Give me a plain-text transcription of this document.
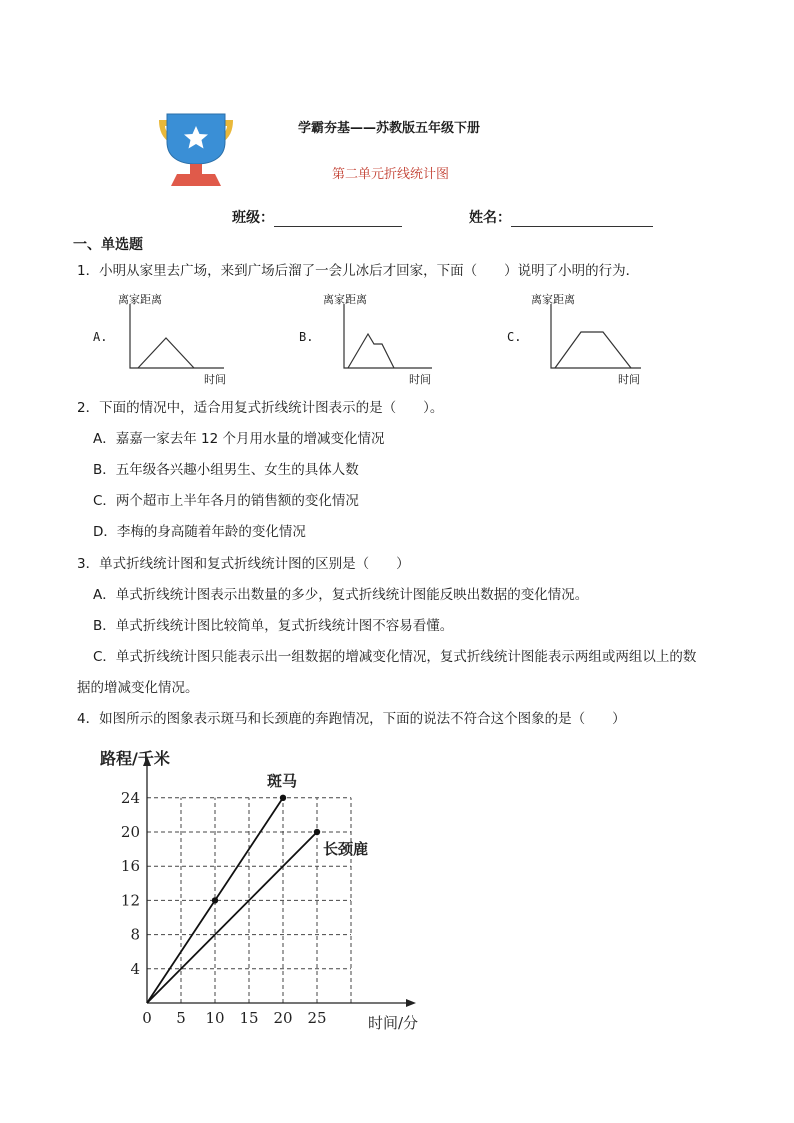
学霸夯基——苏教版五年级下册
第二单元折线统计图
班级：	姓名：
一、单选题
1．小明从家里去广场，来到广场后溜了一会儿冰后才回家，下面（　　）说明了小明的行为．
A.
离家距离
时间
B.
离家距离
时间
C.
离家距离
时间
2．下面的情况中，适合用复式折线统计图表示的是（　　）。
A．嘉嘉一家去年 12 个月用水量的增减变化情况
B．五年级各兴趣小组男生、女生的具体人数
C．两个超市上半年各月的销售额的变化情况
D．李梅的身高随着年龄的变化情况
3．单式折线统计图和复式折线统计图的区别是（　　）
A．单式折线统计图表示出数量的多少，复式折线统计图能反映出数据的变化情况。
B．单式折线统计图比较简单，复式折线统计图不容易看懂。
C．单式折线统计图只能表示出一组数据的增减变化情况，复式折线统计图能表示两组或两组以上的数
据的增减变化情况。
4．如图所示的图象表示斑马和长颈鹿的奔跑情况，下面的说法不符合这个图象的是（　　）
0 5 10 15 20 25
4
8
12
16
20
24
路程/千米
时间/分
斑马
长颈鹿
